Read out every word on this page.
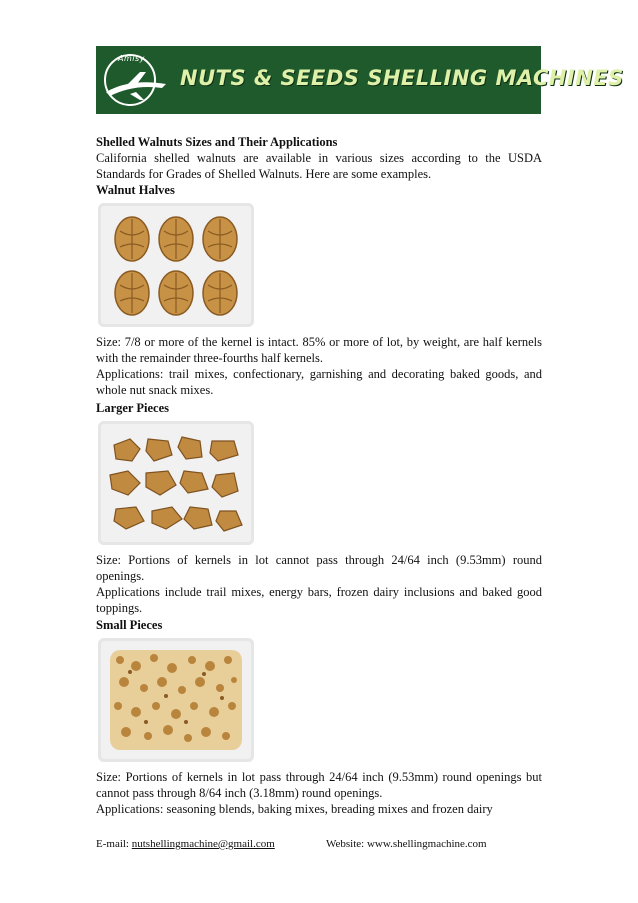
Amisy
NUTS & SEEDS SHELLING MACHINES
Shelled Walnuts Sizes and Their Applications
California shelled walnuts are available in various sizes according to the USDA Standards for Grades of Shelled Walnuts. Here are some examples.
Walnut Halves
Size: 7/8 or more of the kernel is intact. 85% or more of lot, by weight, are half kernels with the remainder three-fourths half kernels.
Applications: trail mixes, confectionary, garnishing and decorating baked goods, and whole nut snack mixes.
Larger Pieces
Size: Portions of kernels in lot cannot pass through 24/64 inch (9.53mm) round openings.
Applications include trail mixes, energy bars, frozen dairy inclusions and baked good toppings.
Small Pieces
Size: Portions of kernels in lot pass through 24/64 inch (9.53mm) round openings but cannot pass through 8/64 inch (3.18mm) round openings.
Applications: seasoning blends, baking mixes, breading mixes and frozen dairy
E-mail: nutshellingmachine@gmail.com	Website: www.shellingmachine.com
